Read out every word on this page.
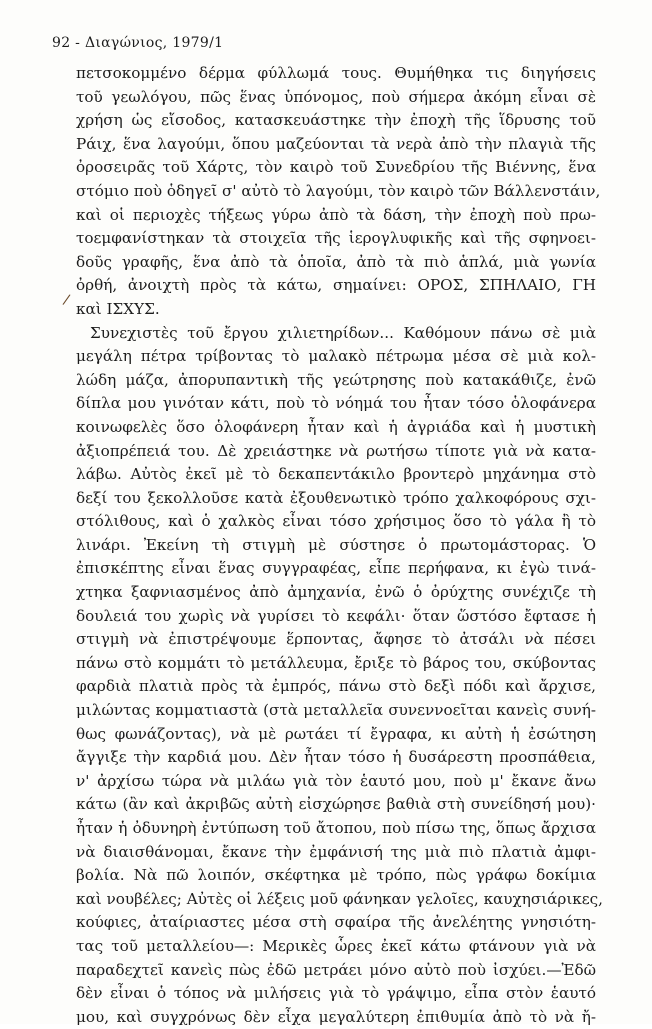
92 - Διαγώνιος, 1979/1
/
πετσοκομμένο δέρμα φύλλωμά τους. Θυμήθηκα τις διηγήσεις
τοῦ γεωλόγου, πῶς ἕνας ὑπόνομος, ποὺ σήμερα ἀκόμη εἶναι σὲ
χρήση ὡς εἴσοδος, κατασκευάστηκε τὴν ἐποχὴ τῆς ἵδρυσης τοῦ
Ράιχ, ἕνα λαγούμι, ὅπου μαζεύονται τὰ νερὰ ἀπὸ τὴν πλαγιὰ τῆς
ὀροσειρᾶς τοῦ Χάρτς, τὸν καιρὸ τοῦ Συνεδρίου τῆς Βιέννης, ἕνα
στόμιο ποὺ ὁδηγεῖ σ' αὐτὸ τὸ λαγούμι, τὸν καιρὸ τῶν Βάλλενστάιν,
καὶ οἱ περιοχὲς τήξεως γύρω ἀπὸ τὰ δάση, τὴν ἐποχὴ ποὺ πρω-
τοεμφανίστηκαν τὰ στοιχεῖα τῆς ἱερογλυφικῆς καὶ τῆς σφηνοει-
δοῦς γραφῆς, ἕνα ἀπὸ τὰ ὁποῖα, ἀπὸ τὰ πιὸ ἁπλά, μιὰ γωνία
ὀρθή, ἀνοιχτὴ πρὸς τὰ κάτω, σημαίνει: ΟΡΟΣ, ΣΠΗΛΑΙΟ, ΓΗ
καὶ ΙΣΧΥΣ.
Συνεχιστὲς τοῦ ἔργου χιλιετηρίδων... Καθόμουν πάνω σὲ μιὰ
μεγάλη πέτρα τρίβοντας τὸ μαλακὸ πέτρωμα μέσα σὲ μιὰ κολ-
λώδη μάζα, ἀπορυπαντικὴ τῆς γεώτρησης ποὺ κατακάθιζε, ἐνῶ
δίπλα μου γινόταν κάτι, ποὺ τὸ νόημά του ἦταν τόσο ὁλοφάνερα
κοινωφελὲς ὅσο ὁλοφάνερη ἦταν καὶ ἡ ἀγριάδα καὶ ἡ μυστικὴ
ἀξιοπρέπειά του. Δὲ χρειάστηκε νὰ ρωτήσω τίποτε γιὰ νὰ κατα-
λάβω. Αὐτὸς ἐκεῖ μὲ τὸ δεκαπεντάκιλο βροντερὸ μηχάνημα στὸ
δεξί του ξεκολλοῦσε κατὰ ἐξουθενωτικὸ τρόπο χαλκοφόρους σχι-
στόλιθους, καὶ ὁ χαλκὸς εἶναι τόσο χρήσιμος ὅσο τὸ γάλα ἢ τὸ
λινάρι. Ἐκείνη τὴ στιγμὴ μὲ σύστησε ὁ πρωτομάστορας. Ὁ
ἐπισκέπτης εἶναι ἕνας συγγραφέας, εἶπε περήφανα, κι ἐγὼ τινά-
χτηκα ξαφνιασμένος ἀπὸ ἀμηχανία, ἐνῶ ὁ ὀρύχτης συνέχιζε τὴ
δουλειά του χωρὶς νὰ γυρίσει τὸ κεφάλι· ὅταν ὥστόσο ἔφτασε ἡ
στιγμὴ νὰ ἐπιστρέψουμε ἕρποντας, ἄφησε τὸ ἀτσάλι νὰ πέσει
πάνω στὸ κομμάτι τὸ μετάλλευμα, ἔριξε τὸ βάρος του, σκύβοντας
φαρδιὰ πλατιὰ πρὸς τὰ ἐμπρός, πάνω στὸ δεξὶ πόδι καὶ ἄρχισε,
μιλώντας κομματιαστὰ (στὰ μεταλλεῖα συνεννοεῖται κανεὶς συνή-
θως φωνάζοντας), νὰ μὲ ρωτάει τί ἔγραφα, κι αὐτὴ ἡ ἐσώτηση
ἄγγιξε τὴν καρδιά μου. Δὲν ἦταν τόσο ἡ δυσάρεστη προσπάθεια,
ν' ἀρχίσω τώρα νὰ μιλάω γιὰ τὸν ἑαυτό μου, ποὺ μ' ἔκανε ἄνω
κάτω (ἂν καὶ ἀκριβῶς αὐτὴ εἰσχώρησε βαθιὰ στὴ συνείδησή μου)·
ἦταν ἡ ὀδυνηρὴ ἐντύπωση τοῦ ἄτοπου, ποὺ πίσω της, ὅπως ἄρχισα
νὰ διαισθάνομαι, ἔκανε τὴν ἐμφάνισή της μιὰ πιὸ πλατιὰ ἀμφι-
βολία. Νὰ πῶ λοιπόν, σκέφτηκα μὲ τρόπο, πὼς γράφω δοκίμια
καὶ νουβέλες; Αὐτὲς οἱ λέξεις μοῦ φάνηκαν γελοῖες, καυχησιάρικες,
κούφιες, ἀταίριαστες μέσα στὴ σφαίρα τῆς ἀνελέητης γνησιότη-
τας τοῦ μεταλλείου—: Μερικὲς ὧρες ἐκεῖ κάτω φτάνουν γιὰ νὰ
παραδεχτεῖ κανεὶς πὼς ἐδῶ μετράει μόνο αὐτὸ ποὺ ἰσχύει.—Ἐδῶ
δὲν εἶναι ὁ τόπος νὰ μιλήσεις γιὰ τὸ γράψιμο, εἶπα στὸν ἑαυτό
μου, καὶ συγχρόνως δὲν εἶχα μεγαλύτερη ἐπιθυμία ἀπὸ τὸ νὰ ἤ-
